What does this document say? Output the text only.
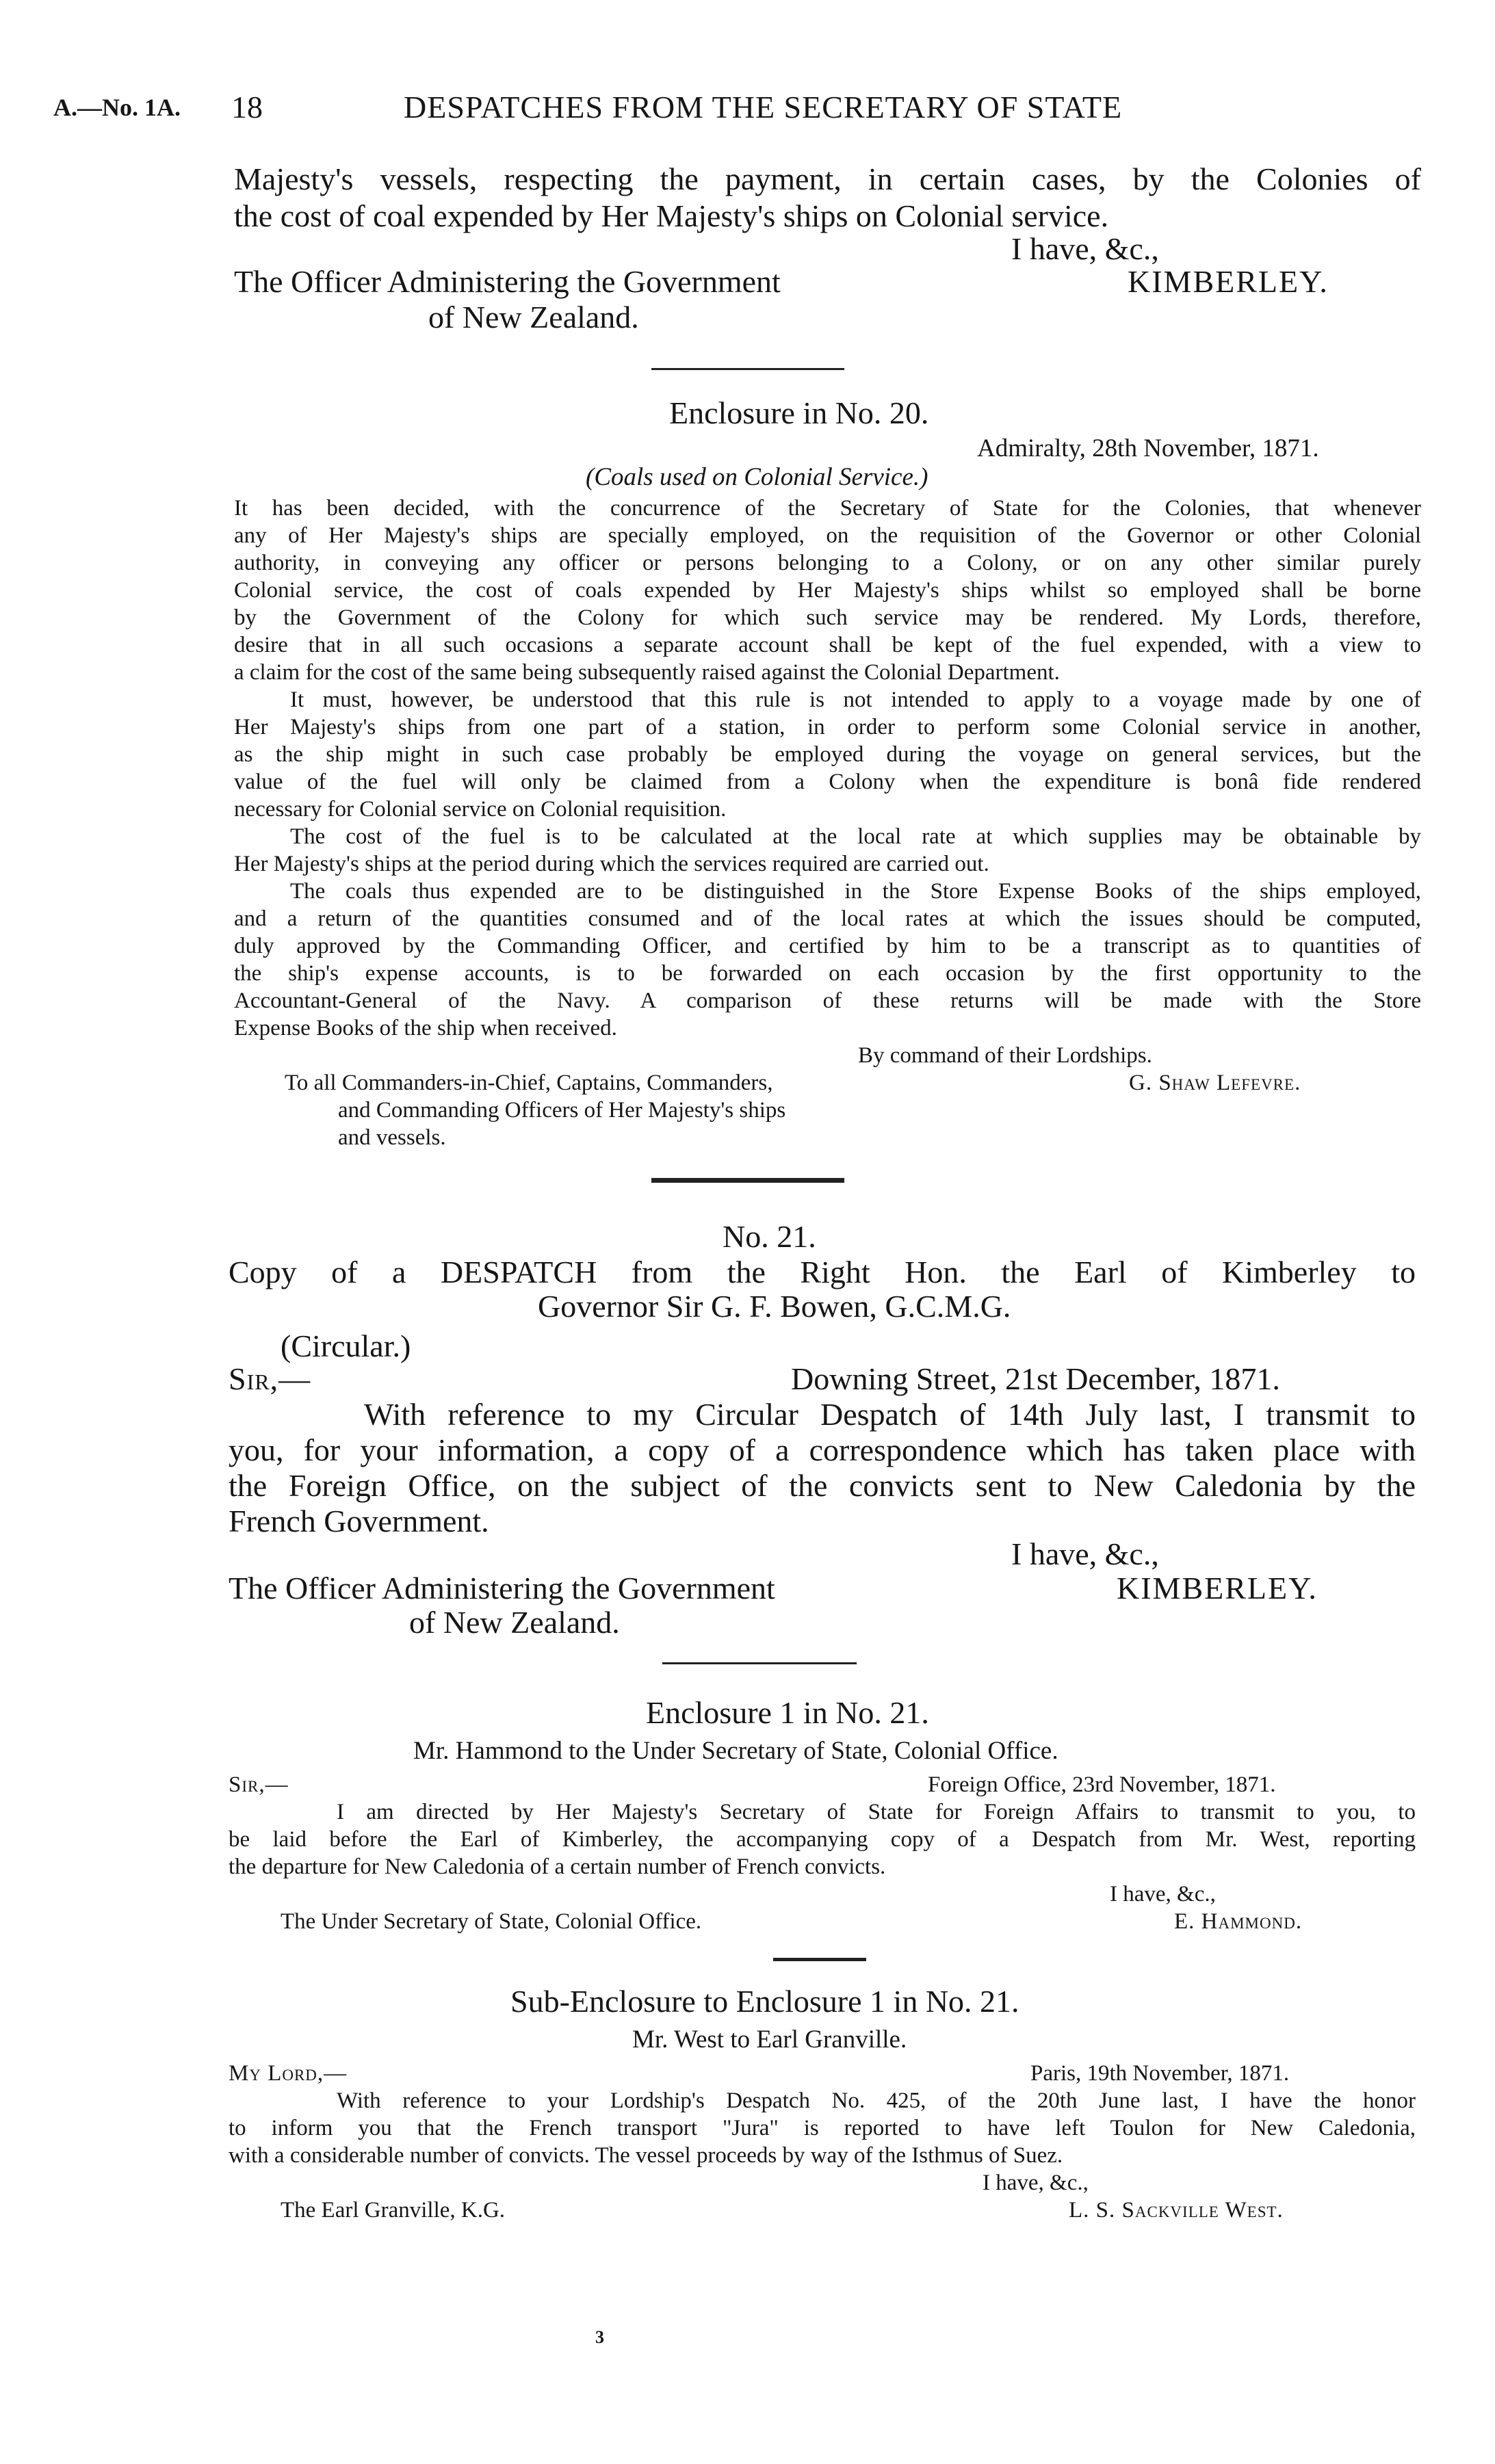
A.—No. 1A. 18	DESPATCHES FROM THE SECRETARY OF STATE
Majesty's vessels, respecting the payment, in certain cases, by the Colonies of
the cost of coal expended by Her Majesty's ships on Colonial service.
I have, &c.,
The Officer Administering the Government	KIMBERLEY.
of New Zealand.
Enclosure in No. 20.
Admiralty, 28th November, 1871.
(Coals used on Colonial Service.)
It has been decided, with the concurrence of the Secretary of State for the Colonies, that whenever
any of Her Majesty's ships are specially employed, on the requisition of the Governor or other Colonial
authority, in conveying any officer or persons belonging to a Colony, or on any other similar purely
Colonial service, the cost of coals expended by Her Majesty's ships whilst so employed shall be borne
by the Government of the Colony for which such service may be rendered. My Lords, therefore,
desire that in all such occasions a separate account shall be kept of the fuel expended, with a view to
a claim for the cost of the same being subsequently raised against the Colonial Department.
It must, however, be understood that this rule is not intended to apply to a voyage made by one of
Her Majesty's ships from one part of a station, in order to perform some Colonial service in another,
as the ship might in such case probably be employed during the voyage on general services, but the
value of the fuel will only be claimed from a Colony when the expenditure is bonâ fide rendered
necessary for Colonial service on Colonial requisition.
The cost of the fuel is to be calculated at the local rate at which supplies may be obtainable by
Her Majesty's ships at the period during which the services required are carried out.
The coals thus expended are to be distinguished in the Store Expense Books of the ships employed,
and a return of the quantities consumed and of the local rates at which the issues should be computed,
duly approved by the Commanding Officer, and certified by him to be a transcript as to quantities of
the ship's expense accounts, is to be forwarded on each occasion by the first opportunity to the
Accountant-General of the Navy. A comparison of these returns will be made with the Store
Expense Books of the ship when received.
By command of their Lordships.
To all Commanders-in-Chief, Captains, Commanders,	G. Shaw Lefevre.
and Commanding Officers of Her Majesty's ships
and vessels.
No. 21.
Copy of a DESPATCH from the Right Hon. the Earl of Kimberley to
Governor Sir G. F. Bowen, G.C.M.G.
(Circular.)
Sir,—	Downing Street, 21st December, 1871.
With reference to my Circular Despatch of 14th July last, I transmit to
you, for your information, a copy of a correspondence which has taken place with
the Foreign Office, on the subject of the convicts sent to New Caledonia by the
French Government.
I have, &c.,
The Officer Administering the Government	KIMBERLEY.
of New Zealand.
Enclosure 1 in No. 21.
Mr. Hammond to the Under Secretary of State, Colonial Office.
Sir,—	Foreign Office, 23rd November, 1871.
I am directed by Her Majesty's Secretary of State for Foreign Affairs to transmit to you, to
be laid before the Earl of Kimberley, the accompanying copy of a Despatch from Mr. West, reporting
the departure for New Caledonia of a certain number of French convicts.
I have, &c.,
The Under Secretary of State, Colonial Office.	E. Hammond.
Sub-Enclosure to Enclosure 1 in No. 21.
Mr. West to Earl Granville.
My Lord,—	Paris, 19th November, 1871.
With reference to your Lordship's Despatch No. 425, of the 20th June last, I have the honor
to inform you that the French transport "Jura" is reported to have left Toulon for New Caledonia,
with a considerable number of convicts. The vessel proceeds by way of the Isthmus of Suez.
I have, &c.,
The Earl Granville, K.G.	L. S. Sackville West.
3
